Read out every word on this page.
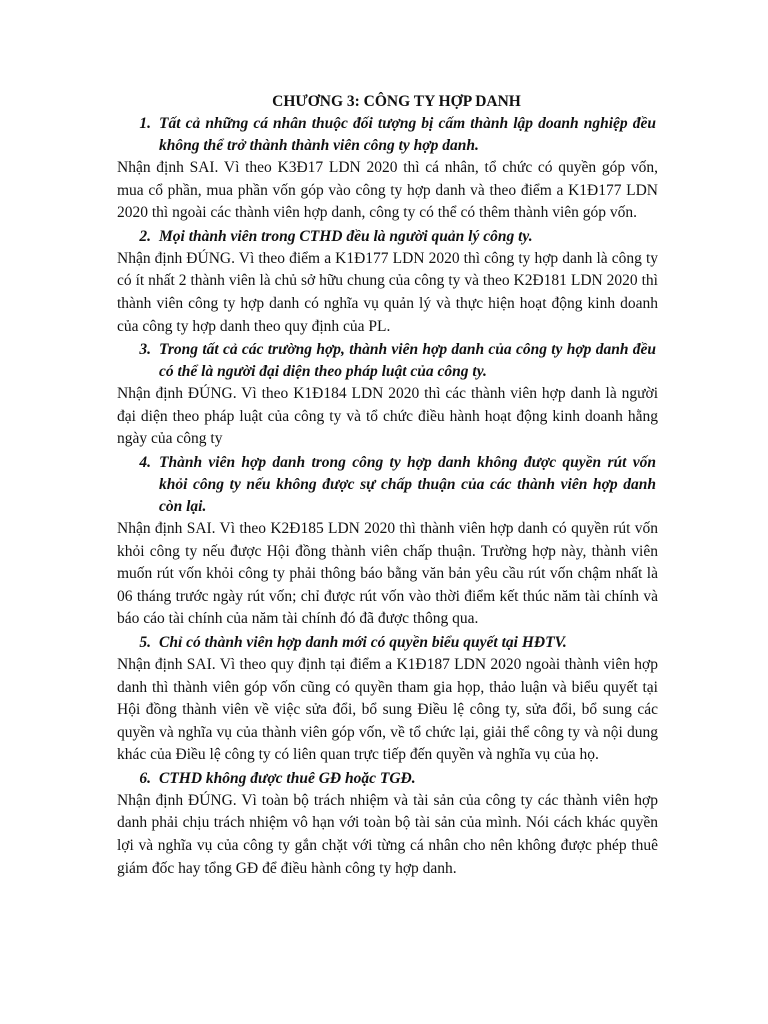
CHƯƠNG 3: CÔNG TY HỢP DANH
1. Tất cả những cá nhân thuộc đối tượng bị cấm thành lập doanh nghiệp đều không thể trở thành thành viên công ty hợp danh.

Nhận định SAI. Vì theo K3Đ17 LDN 2020 thì cá nhân, tổ chức có quyền góp vốn, mua cổ phần, mua phần vốn góp vào công ty hợp danh và theo điểm a K1Đ177 LDN 2020 thì ngoài các thành viên hợp danh, công ty có thể có thêm thành viên góp vốn.

2. Mọi thành viên trong CTHD đều là người quản lý công ty.

Nhận định ĐÚNG. Vì theo điểm a K1Đ177 LDN 2020 thì công ty hợp danh là công ty có ít nhất 2 thành viên là chủ sở hữu chung của công ty và theo K2Đ181 LDN 2020 thì thành viên công ty hợp danh có nghĩa vụ quản lý và thực hiện hoạt động kinh doanh của công ty hợp danh theo quy định của PL.

3. Trong tất cả các trường hợp, thành viên hợp danh của công ty hợp danh đều có thể là người đại diện theo pháp luật của công ty.

Nhận định ĐÚNG. Vì theo K1Đ184 LDN 2020 thì các thành viên hợp danh là người đại diện theo pháp luật của công ty và tổ chức điều hành hoạt động kinh doanh hằng ngày của công ty

4. Thành viên hợp danh trong công ty hợp danh không được quyền rút vốn khỏi công ty nếu không được sự chấp thuận của các thành viên hợp danh còn lại.

Nhận định SAI. Vì theo K2Đ185 LDN 2020 thì thành viên hợp danh có quyền rút vốn khỏi công ty nếu được Hội đồng thành viên chấp thuận. Trường hợp này, thành viên muốn rút vốn khỏi công ty phải thông báo bằng văn bản yêu cầu rút vốn chậm nhất là 06 tháng trước ngày rút vốn; chỉ được rút vốn vào thời điểm kết thúc năm tài chính và báo cáo tài chính của năm tài chính đó đã được thông qua.

5. Chỉ có thành viên hợp danh mới có quyền biểu quyết tại HĐTV.

Nhận định SAI. Vì theo quy định tại điểm a K1Đ187 LDN 2020 ngoài thành viên hợp danh thì thành viên góp vốn cũng có quyền tham gia họp, thảo luận và biểu quyết tại Hội đồng thành viên về việc sửa đổi, bổ sung Điều lệ công ty, sửa đổi, bổ sung các quyền và nghĩa vụ của thành viên góp vốn, về tổ chức lại, giải thể công ty và nội dung khác của Điều lệ công ty có liên quan trực tiếp đến quyền và nghĩa vụ của họ.

6. CTHD không được thuê GĐ hoặc TGĐ.

Nhận định ĐÚNG. Vì toàn bộ trách nhiệm và tài sản của công ty các thành viên hợp danh phải chịu trách nhiệm vô hạn với toàn bộ tài sản của mình. Nói cách khác quyền lợi và nghĩa vụ của công ty gắn chặt với từng cá nhân cho nên không được phép thuê giám đốc hay tổng GĐ để điều hành công ty hợp danh.
